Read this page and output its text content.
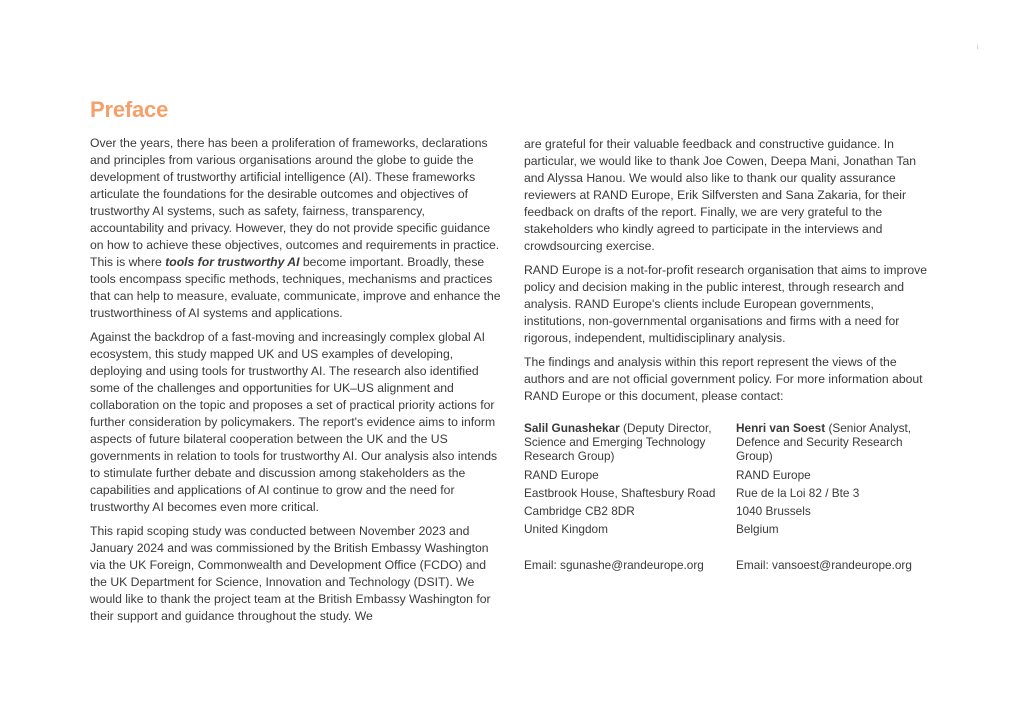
i
Preface

Over the years, there has been a proliferation of frameworks, declarations and principles from various organisations around the globe to guide the development of trustworthy artificial intelligence (AI). These frameworks articulate the foundations for the desirable outcomes and objectives of trustworthy AI systems, such as safety, fairness, transparency, accountability and privacy. However, they do not provide specific guidance on how to achieve these objectives, outcomes and requirements in practice. This is where tools for trustworthy AI become important. Broadly, these tools encompass specific methods, techniques, mechanisms and practices that can help to measure, evaluate, communicate, improve and enhance the trustworthiness of AI systems and applications.

Against the backdrop of a fast-moving and increasingly complex global AI ecosystem, this study mapped UK and US examples of developing, deploying and using tools for trustworthy AI. The research also identified some of the challenges and opportunities for UK–US alignment and collaboration on the topic and proposes a set of practical priority actions for further consideration by policymakers. The report's evidence aims to inform aspects of future bilateral cooperation between the UK and the US governments in relation to tools for trustworthy AI. Our analysis also intends to stimulate further debate and discussion among stakeholders as the capabilities and applications of AI continue to grow and the need for trustworthy AI becomes even more critical.

This rapid scoping study was conducted between November 2023 and January 2024 and was commissioned by the British Embassy Washington via the UK Foreign, Commonwealth and Development Office (FCDO) and the UK Department for Science, Innovation and Technology (DSIT). We would like to thank the project team at the British Embassy Washington for their support and guidance throughout the study. We

are grateful for their valuable feedback and constructive guidance. In particular, we would like to thank Joe Cowen, Deepa Mani, Jonathan Tan and Alyssa Hanou. We would also like to thank our quality assurance reviewers at RAND Europe, Erik Silfversten and Sana Zakaria, for their feedback on drafts of the report. Finally, we are very grateful to the stakeholders who kindly agreed to participate in the interviews and crowdsourcing exercise.

RAND Europe is a not-for-profit research organisation that aims to improve policy and decision making in the public interest, through research and analysis. RAND Europe's clients include European governments, institutions, non-governmental organisations and firms with a need for rigorous, independent, multidisciplinary analysis.

The findings and analysis within this report represent the views of the authors and are not official government policy. For more information about RAND Europe or this document, please contact:

Salil Gunashekar (Deputy Director, Science and Emerging Technology Research Group)
RAND Europe
Eastbrook House, Shaftesbury Road
Cambridge CB2 8DR
United Kingdom
Email: sgunashe@randeurope.org
Henri van Soest (Senior Analyst, Defence and Security Research Group)
RAND Europe
Rue de la Loi 82 / Bte 3
1040 Brussels
Belgium
Email: vansoest@randeurope.org
